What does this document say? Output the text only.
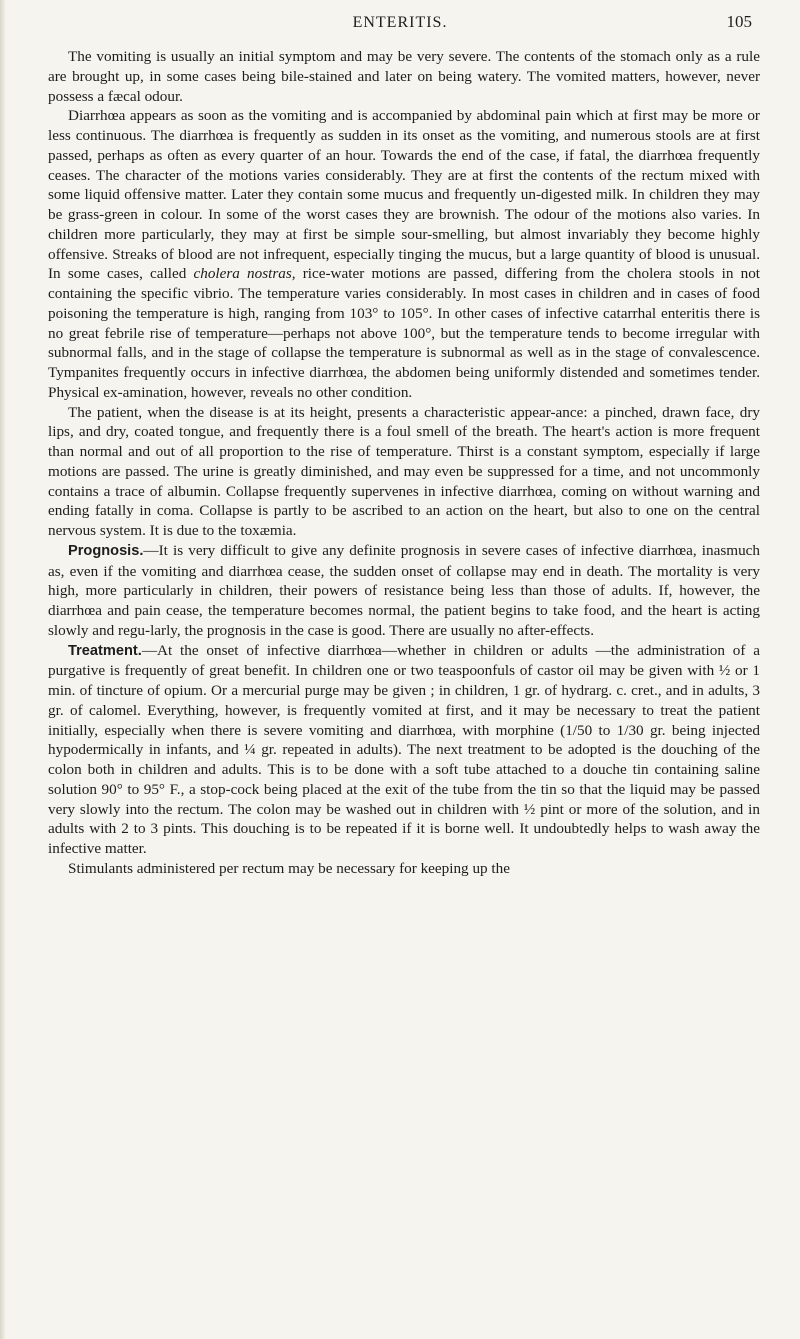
ENTERITIS.	105

The vomiting is usually an initial symptom and may be very severe. The contents of the stomach only as a rule are brought up, in some cases being bile-stained and later on being watery. The vomited matters, however, never possess a fæcal odour.

Diarrhœa appears as soon as the vomiting and is accompanied by abdominal pain which at first may be more or less continuous. The diarrhœa is frequently as sudden in its onset as the vomiting, and numerous stools are at first passed, perhaps as often as every quarter of an hour. Towards the end of the case, if fatal, the diarrhœa frequently ceases. The character of the motions varies considerably. They are at first the contents of the rectum mixed with some liquid offensive matter. Later they contain some mucus and frequently un-digested milk. In children they may be grass-green in colour. In some of the worst cases they are brownish. The odour of the motions also varies. In children more particularly, they may at first be simple sour-smelling, but almost invariably they become highly offensive. Streaks of blood are not infrequent, especially tinging the mucus, but a large quantity of blood is unusual. In some cases, called cholera nostras, rice-water motions are passed, differing from the cholera stools in not containing the specific vibrio. The temperature varies considerably. In most cases in children and in cases of food poisoning the temperature is high, ranging from 103° to 105°. In other cases of infective catarrhal enteritis there is no great febrile rise of temperature—perhaps not above 100°, but the temperature tends to become irregular with subnormal falls, and in the stage of collapse the temperature is subnormal as well as in the stage of convalescence. Tympanites frequently occurs in infective diarrhœa, the abdomen being uniformly distended and sometimes tender. Physical ex-amination, however, reveals no other condition.

The patient, when the disease is at its height, presents a characteristic appear-ance: a pinched, drawn face, dry lips, and dry, coated tongue, and frequently there is a foul smell of the breath. The heart's action is more frequent than normal and out of all proportion to the rise of temperature. Thirst is a constant symptom, especially if large motions are passed. The urine is greatly diminished, and may even be suppressed for a time, and not uncommonly contains a trace of albumin. Collapse frequently supervenes in infective diarrhœa, coming on without warning and ending fatally in coma. Collapse is partly to be ascribed to an action on the heart, but also to one on the central nervous system. It is due to the toxæmia.

Prognosis.—It is very difficult to give any definite prognosis in severe cases of infective diarrhœa, inasmuch as, even if the vomiting and diarrhœa cease, the sudden onset of collapse may end in death. The mortality is very high, more particularly in children, their powers of resistance being less than those of adults. If, however, the diarrhœa and pain cease, the temperature becomes normal, the patient begins to take food, and the heart is acting slowly and regu-larly, the prognosis in the case is good. There are usually no after-effects.

Treatment.—At the onset of infective diarrhœa—whether in children or adults —the administration of a purgative is frequently of great benefit. In children one or two teaspoonfuls of castor oil may be given with ½ or 1 min. of tincture of opium. Or a mercurial purge may be given ; in children, 1 gr. of hydrarg. c. cret., and in adults, 3 gr. of calomel. Everything, however, is frequently vomited at first, and it may be necessary to treat the patient initially, especially when there is severe vomiting and diarrhœa, with morphine (1/50 to 1/30 gr. being injected hypodermically in infants, and ¼ gr. repeated in adults). The next treatment to be adopted is the douching of the colon both in children and adults. This is to be done with a soft tube attached to a douche tin containing saline solution 90° to 95° F., a stop-cock being placed at the exit of the tube from the tin so that the liquid may be passed very slowly into the rectum. The colon may be washed out in children with ½ pint or more of the solution, and in adults with 2 to 3 pints. This douching is to be repeated if it is borne well. It undoubtedly helps to wash away the infective matter.

Stimulants administered per rectum may be necessary for keeping up the
